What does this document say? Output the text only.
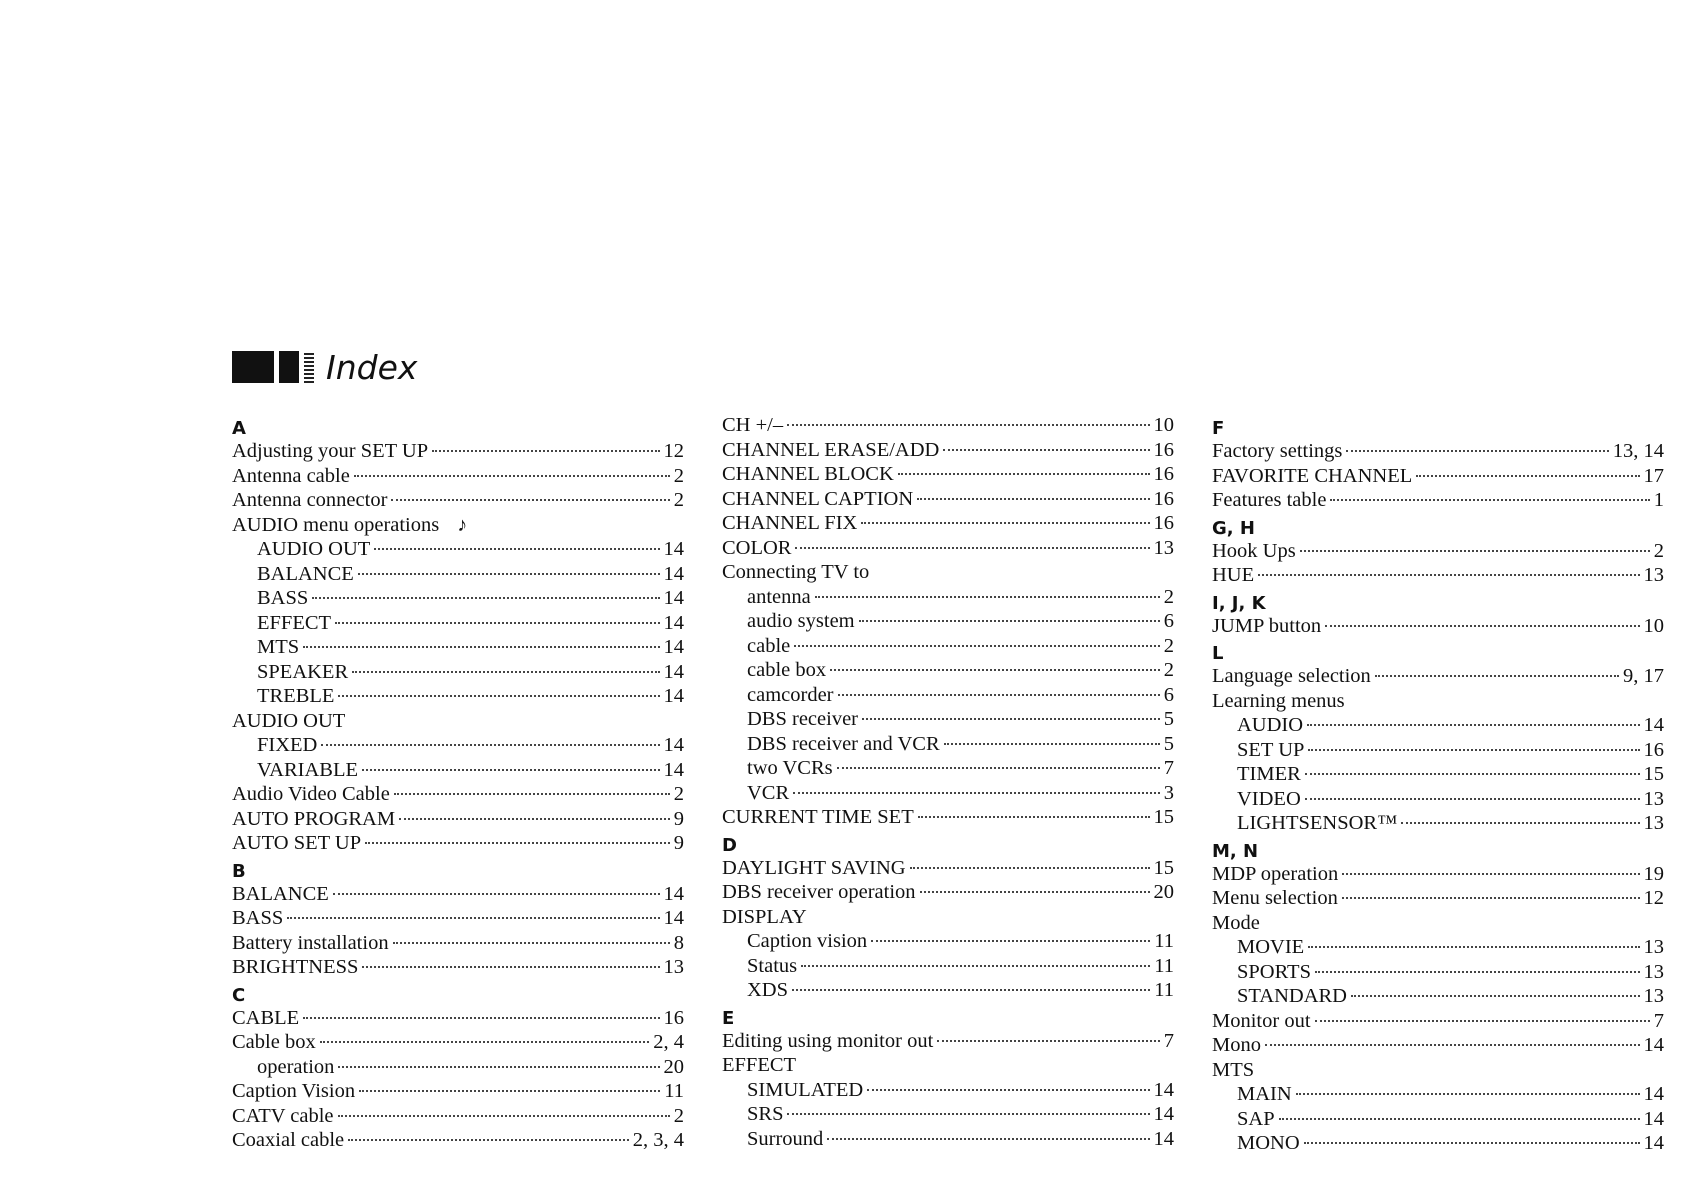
Index
A
Adjusting your SET UP	12
Antenna cable	2
Antenna connector	2
AUDIO menu operations ♪
AUDIO OUT	14
BALANCE	14
BASS	14
EFFECT	14
MTS	14
SPEAKER	14
TREBLE	14
AUDIO OUT
FIXED	14
VARIABLE	14
Audio Video Cable	2
AUTO PROGRAM	9
AUTO SET UP	9
B
BALANCE	14
BASS	14
Battery installation	8
BRIGHTNESS	13
C
CABLE	16
Cable box	2, 4
operation	20
Caption Vision	11
CATV cable	2
Coaxial cable	2, 3, 4
CH +/–	10
CHANNEL ERASE/ADD	16
CHANNEL BLOCK	16
CHANNEL CAPTION	16
CHANNEL FIX	16
COLOR	13
Connecting TV to
antenna	2
audio system	6
cable	2
cable box	2
camcorder	6
DBS receiver	5
DBS receiver and VCR	5
two VCRs	7
VCR	3
CURRENT TIME SET	15
D
DAYLIGHT SAVING	15
DBS receiver operation	20
DISPLAY
Caption vision	11
Status	11
XDS	11
E
Editing using monitor out	7
EFFECT
SIMULATED	14
SRS	14
Surround	14
F
Factory settings	13, 14
FAVORITE CHANNEL	17
Features table	1
G, H
Hook Ups	2
HUE	13
I, J, K
JUMP button	10
L
Language selection	9, 17
Learning menus
AUDIO	14
SET UP	16
TIMER	15
VIDEO	13
LIGHTSENSOR™	13
M, N
MDP operation	19
Menu selection	12
Mode
MOVIE	13
SPORTS	13
STANDARD	13
Monitor out	7
Mono	14
MTS
MAIN	14
SAP	14
MONO	14
